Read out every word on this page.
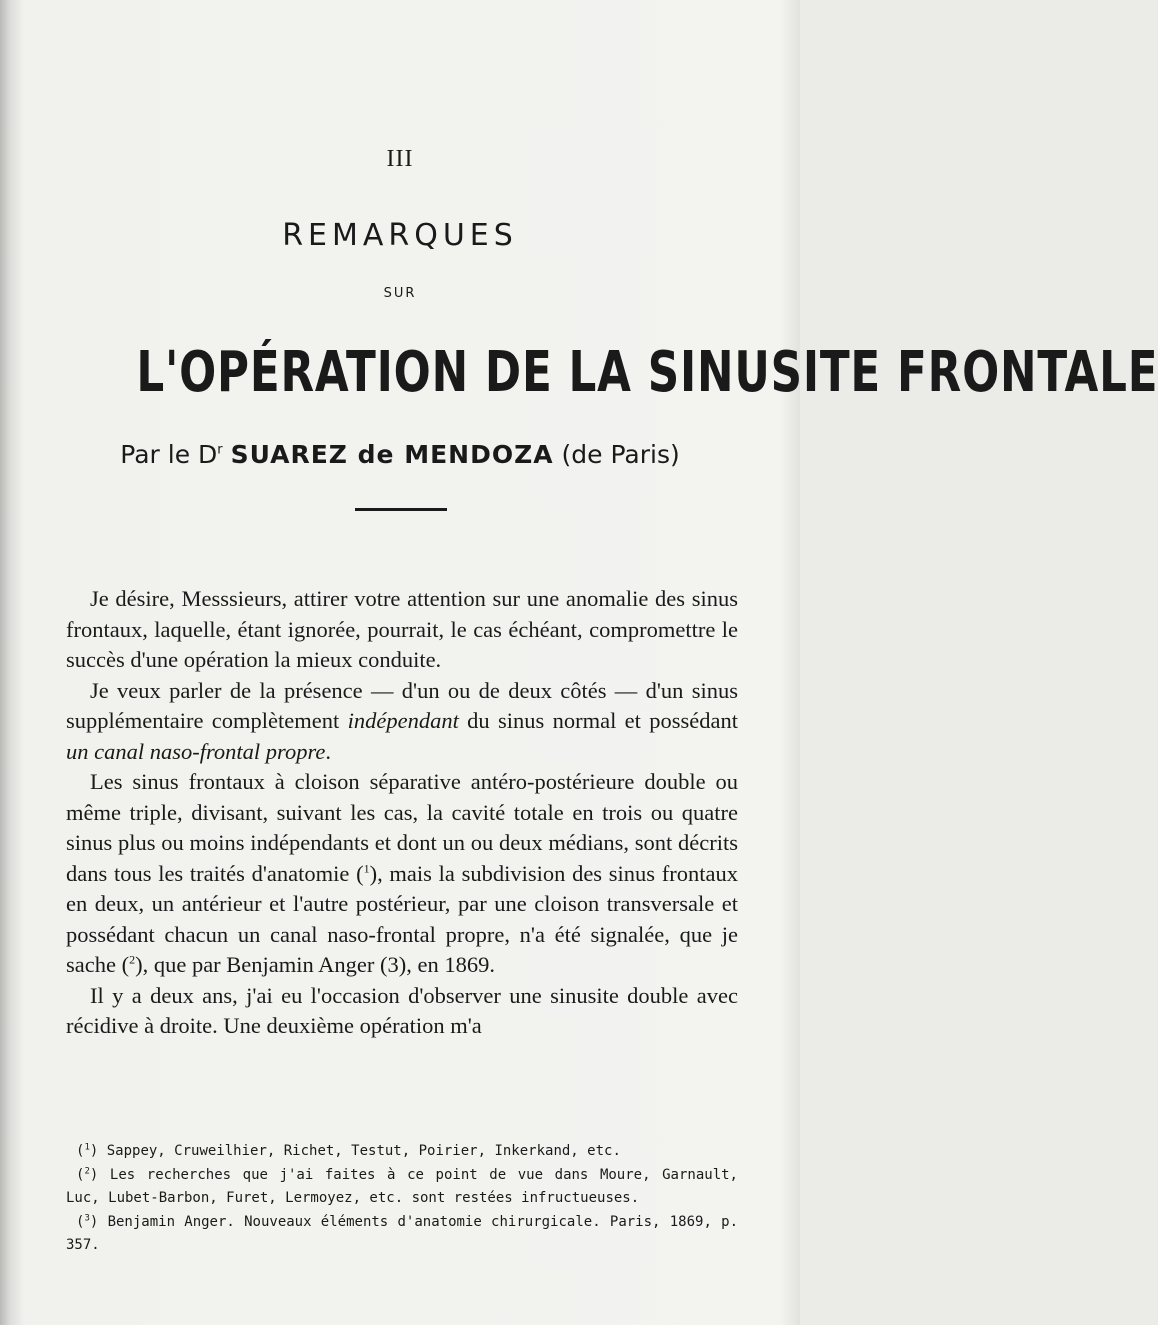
III
REMARQUES
SUR
L'OPÉRATION DE LA SINUSITE FRONTALE
Par le $D^r$ SUAREZ de MENDOZA (de Paris)

Je désire, Messsieurs, attirer votre attention sur une anomalie des sinus frontaux, laquelle, étant ignorée, pourrait, le cas échéant, compromettre le succès d'une opération la mieux conduite.

Je veux parler de la présence — d'un ou de deux côtés — d'un sinus supplémentaire complètement indépendant du sinus normal et possédant un canal naso-frontal propre.

Les sinus frontaux à cloison séparative antéro-postérieure double ou même triple, divisant, suivant les cas, la cavité totale en trois ou quatre sinus plus ou moins indépendants et dont un ou deux médians, sont décrits dans tous les traités d'anatomie ($^1$), mais la subdivision des sinus frontaux en deux, un antérieur et l'autre postérieur, par une cloison transversale et possédant chacun un canal naso-frontal propre, n'a été signalée, que je sache ($^2$), que par Benjamin Anger (3), en 1869.

Il y a deux ans, j'ai eu l'occasion d'observer une sinusite double avec récidive à droite. Une deuxième opération m'a

($^1$) Sappey, Cruweilhier, Richet, Testut, Poirier, Inkerkand, etc.

($^2$) Les recherches que j'ai faites à ce point de vue dans Moure, Garnault, Luc, Lubet-Barbon, Furet, Lermoyez, etc. sont restées infructueuses.

($^3$) Benjamin Anger. Nouveaux éléments d'anatomie chirurgicale. Paris, 1869, p. 357.
